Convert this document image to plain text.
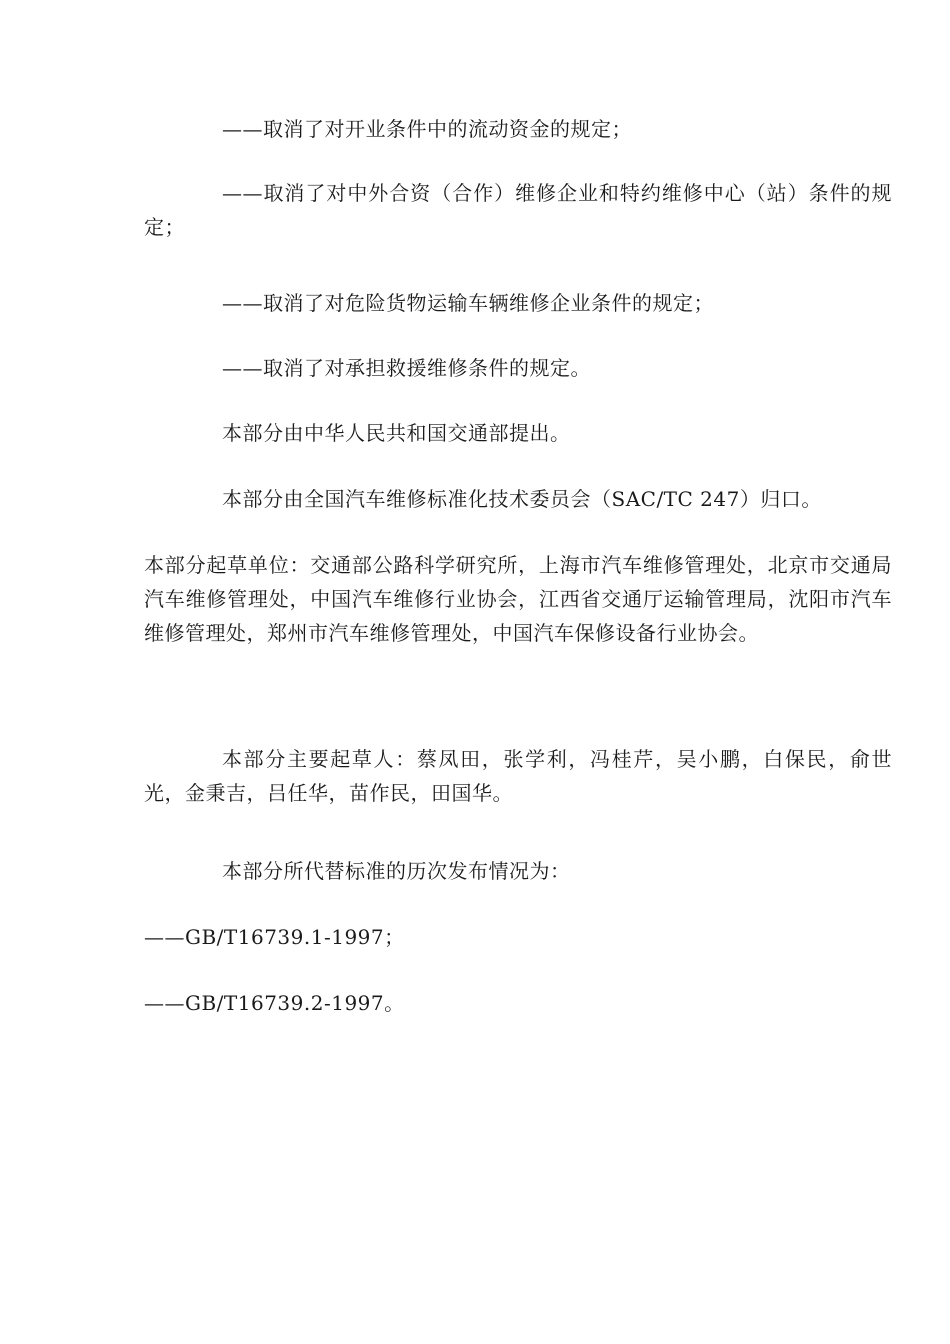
——取消了对开业条件中的流动资金的规定；

——取消了对中外合资（合作）维修企业和特约维修中心（站）条件的规定；

——取消了对危险货物运输车辆维修企业条件的规定；

——取消了对承担救援维修条件的规定。

本部分由中华人民共和国交通部提出。

本部分由全国汽车维修标准化技术委员会（SAC/TC 247）归口。

本部分起草单位：交通部公路科学研究所，上海市汽车维修管理处，北京市交通局汽车维修管理处，中国汽车维修行业协会，江西省交通厅运输管理局，沈阳市汽车维修管理处，郑州市汽车维修管理处，中国汽车保修设备行业协会。

本部分主要起草人：蔡凤田，张学利，冯桂芹，吴小鹏，白保民，俞世光，金秉吉，吕任华，苗作民，田国华。

本部分所代替标准的历次发布情况为：

——GB/T16739.1-1997；

——GB/T16739.2-1997。
